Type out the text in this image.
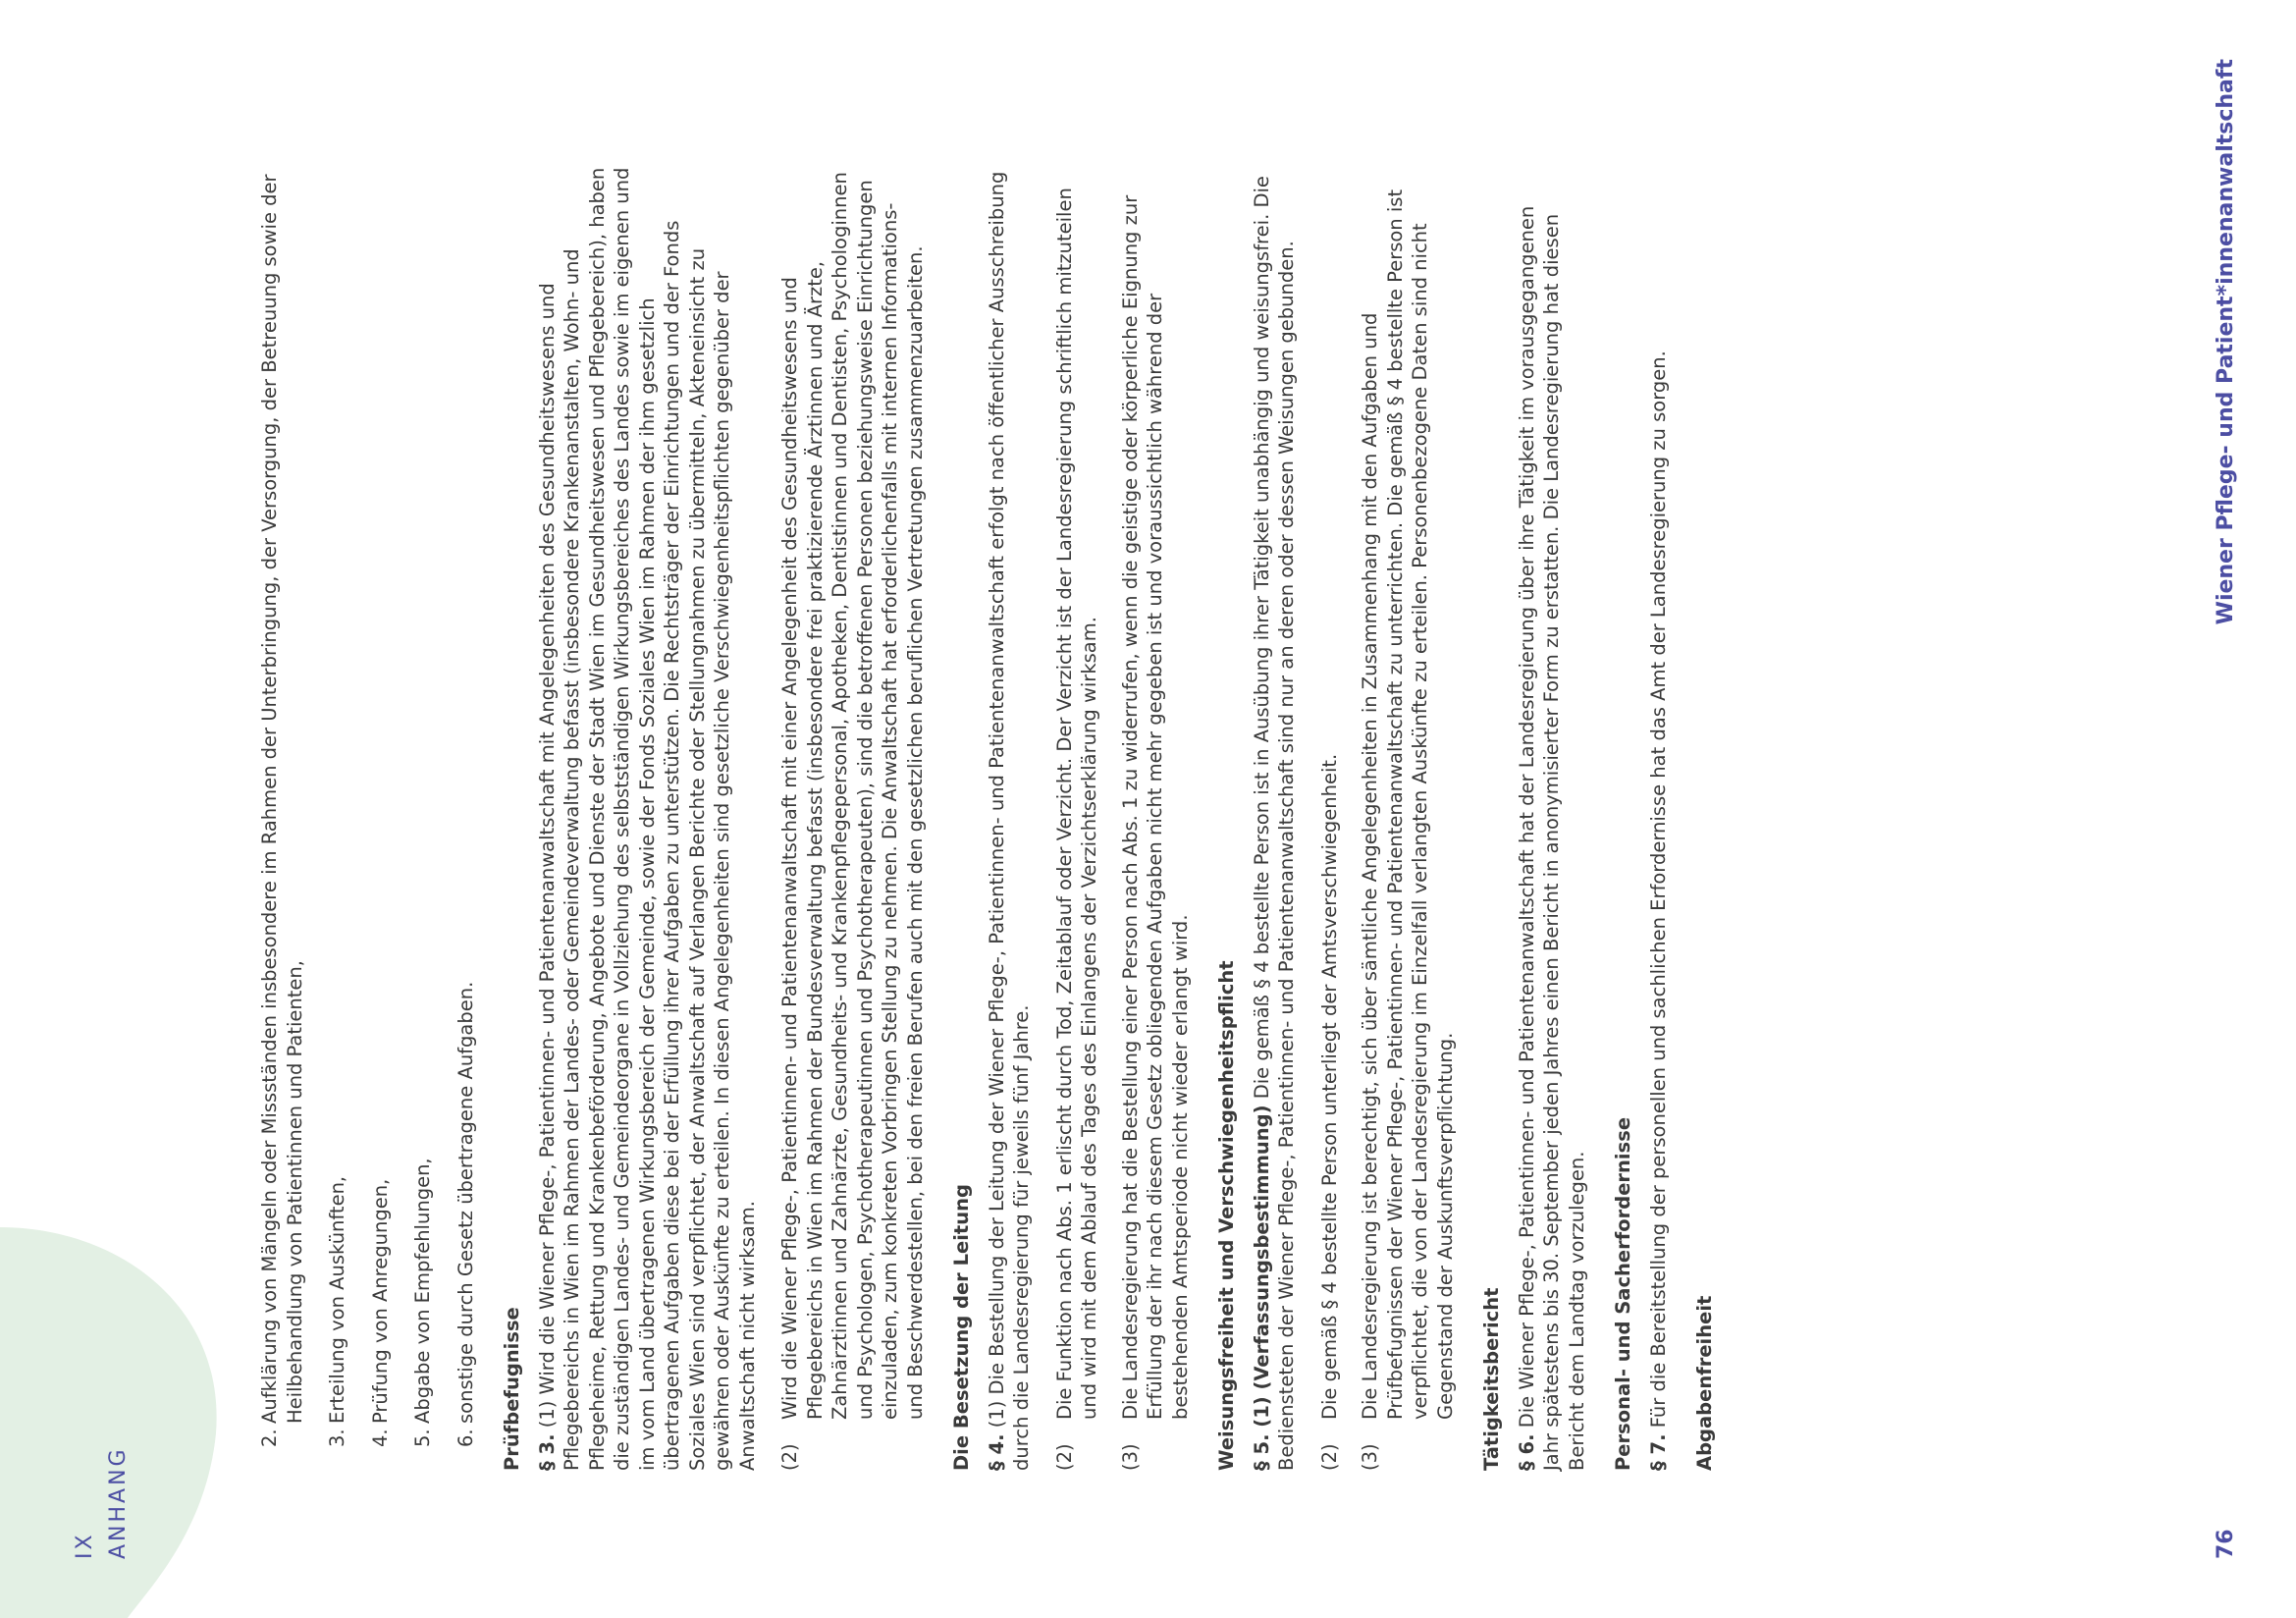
IX ANHANG
2.
Aufklärung von Mängeln oder Missständen insbesondere im Rahmen der Unterbringung, der Versorgung, der Betreuung sowie der Heilbehandlung von Patientinnen und Patienten,
3.
Erteilung von Auskünften,
4.
Prüfung von Anregungen,
5.
Abgabe von Empfehlungen,
6.
sonstige durch Gesetz übertragene Aufgaben. Prüfbefugnisse § 3. (1) Wird die Wiener Pflege-, Patientinnen- und Patientenanwaltschaft mit Angelegenheiten des Gesundheitswesens und Pflegebereichs in Wien im Rahmen der Landes- oder Gemeindeverwaltung befasst (insbesondere Krankenanstalten, Wohn- und Pflegeheime, Rettung und Krankenbeförderung, Angebote und Dienste der Stadt Wien im Gesundheitswesen und Pflegebereich), haben die zuständigen Landes- und Gemeindeorgane in Vollziehung des selbstständigen Wirkungsbereiches des Landes sowie im eigenen und im vom Land übertragenen Wirkungsbereich der Gemeinde, sowie der Fonds Soziales Wien im Rahmen der ihm gesetzlich übertragenen Aufgaben diese bei der Erfüllung ihrer Aufgaben zu unterstützen. Die Rechtsträger der Einrichtungen und der Fonds Soziales Wien sind verpflichtet, der Anwaltschaft auf Verlangen Berichte oder Stellungnahmen zu übermitteln, Akteneinsicht zu gewähren oder Auskünfte zu erteilen. In diesen Angelegenheiten sind gesetzliche Verschwiegenheitspflichten gegenüber der Anwaltschaft nicht wirksam. (2)
Wird die Wiener Pflege-, Patientinnen- und Patientenanwaltschaft mit einer Angelegenheit des Gesundheitswesens und Pflegebereichs in Wien im Rahmen der Bundesverwaltung befasst (insbesondere frei praktizierende Ärztinnen und Ärzte, Zahnärztinnen und Zahnärzte, Gesundheits- und Krankenpflegepersonal, Apotheken, Dentistinnen und Dentisten, Psychologinnen und Psychologen, Psychotherapeutinnen und Psychotherapeuten), sind die betroffenen Personen beziehungsweise Einrichtungen einzuladen, zum konkreten Vorbringen Stellung zu nehmen. Die Anwaltschaft hat erforderlichenfalls mit internen Informations- und Beschwerdestellen, bei den freien Berufen auch mit den gesetzlichen beruflichen Vertretungen zusammenzuarbeiten. Die Besetzung der Leitung § 4. (1) Die Bestellung der Leitung der Wiener Pflege-, Patientinnen- und Patientenanwaltschaft erfolgt nach öffentlicher Ausschreibung durch die Landesregierung für jeweils fünf Jahre. (2)
Die Funktion nach Abs. 1 erlischt durch Tod, Zeitablauf oder Verzicht. Der Verzicht ist der Landesregierung schriftlich mitzuteilen und wird mit dem Ablauf des Tages des Einlangens der Verzichtserklärung wirksam.

(3)
Die Landesregierung hat die Bestellung einer Person nach Abs. 1 zu widerrufen, wenn die geistige oder körperliche Eignung zur Erfüllung der ihr nach diesem Gesetz obliegenden Aufgaben nicht mehr gegeben ist und voraussichtlich während der bestehenden Amtsperiode nicht wieder erlangt wird. Weisungsfreiheit und Verschwiegenheitspflicht § 5. (1) (Verfassungsbestimmung) Die gemäß § 4 bestellte Person ist in Ausübung ihrer Tätigkeit unabhängig und weisungsfrei. Die Bediensteten der Wiener Pflege-, Patientinnen- und Patientenanwaltschaft sind nur an deren oder dessen Weisungen gebunden. (2)
Die gemäß § 4 bestellte Person unterliegt der Amtsverschwiegenheit.

(3)
Die Landesregierung ist berechtigt, sich über sämtliche Angelegenheiten in Zusammenhang mit den Aufgaben und Prüfbefugnissen der Wiener Pflege-, Patientinnen- und Patientenanwaltschaft zu unterrichten. Die gemäß § 4 bestellte Person ist verpflichtet, die von der Landesregierung im Einzelfall verlangten Auskünfte zu erteilen. Personenbezogene Daten sind nicht Gegenstand der Auskunftsverpflichtung. Tätigkeitsbericht § 6. Die Wiener Pflege-, Patientinnen- und Patientenanwaltschaft hat der Landesregierung über ihre Tätigkeit im vorausgegangenen Jahr spätestens bis 30. September jeden Jahres einen Bericht in anonymisierter Form zu erstatten. Die Landesregierung hat diesen Bericht dem Landtag vorzulegen. Personal- und Sacherfordernisse § 7. Für die Bereitstellung der personellen und sachlichen Erfordernisse hat das Amt der Landesregierung zu sorgen. Abgabenfreiheit
76
Wiener Pflege- und Patient*innenanwaltschaft
